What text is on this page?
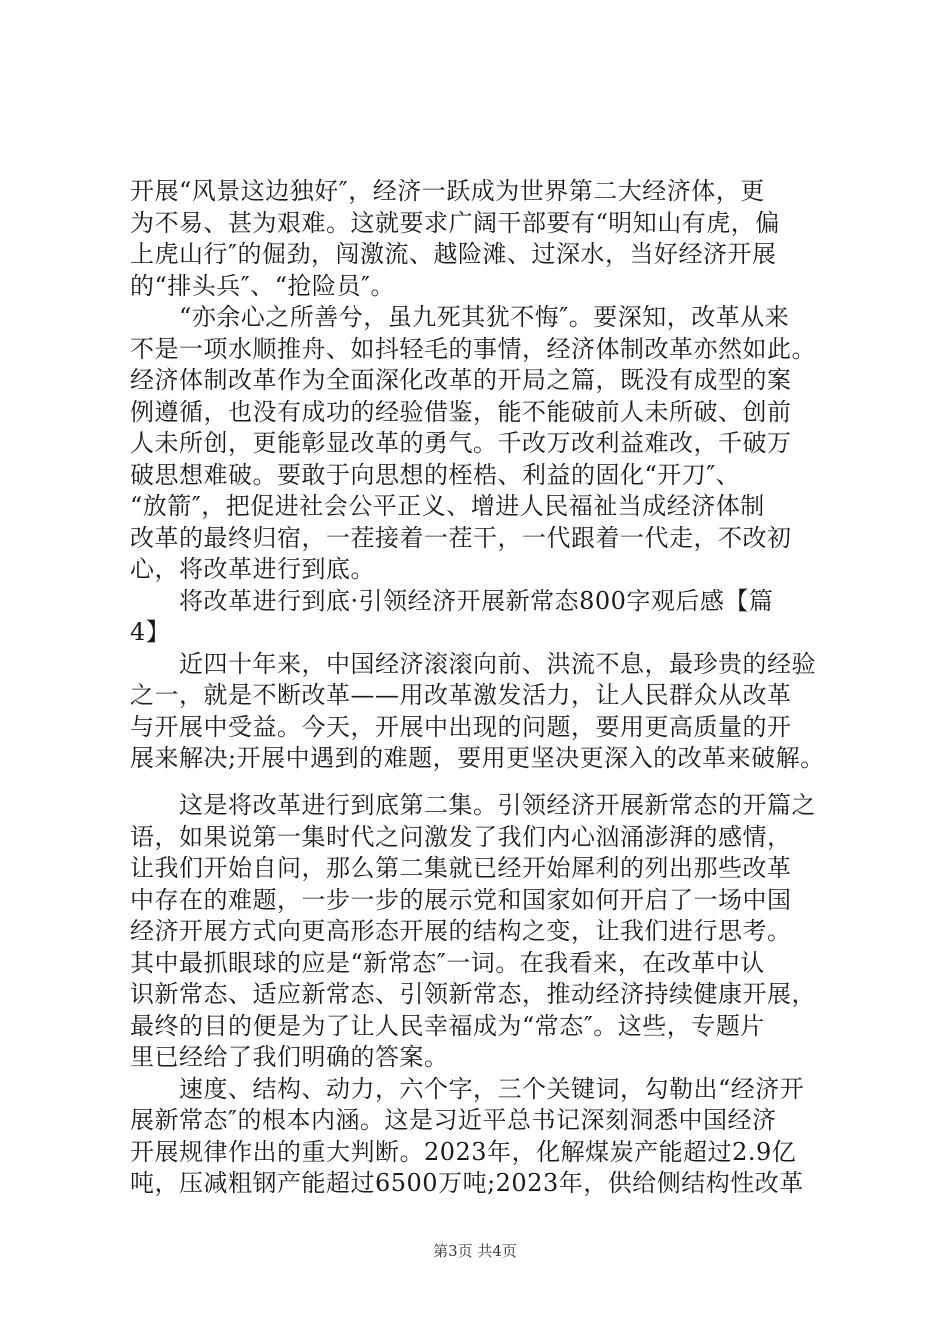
开展“风景这边独好″，经济一跃成为世界第二大经济体，更
为不易、甚为艰难。这就要求广阔干部要有“明知山有虎，偏
上虎山行″的倔劲，闯激流、越险滩、过深水，当好经济开展
的“排头兵″、“抢险员″。
“亦余心之所善兮，虽九死其犹不悔″。要深知，改革从来
不是一项水顺推舟、如抖轻毛的事情，经济体制改革亦然如此。
经济体制改革作为全面深化改革的开局之篇，既没有成型的案
例遵循，也没有成功的经验借鉴，能不能破前人未所破、创前
人未所创，更能彰显改革的勇气。千改万改利益难改，千破万
破思想难破。要敢于向思想的桎梏、利益的固化“开刀″、
“放箭″，把促进社会公平正义、增进人民福祉当成经济体制
改革的最终归宿，一茬接着一茬干，一代跟着一代走，不改初
心，将改革进行到底。
将改革进行到底·引领经济开展新常态800字观后感【篇
4】
近四十年来，中国经济滚滚向前、洪流不息，最珍贵的经验
之一，就是不断改革——用改革激发活力，让人民群众从改革
与开展中受益。今天，开展中出现的问题，要用更高质量的开
展来解决;开展中遇到的难题，要用更坚决更深入的改革来破解。
这是将改革进行到底第二集。引领经济开展新常态的开篇之
语，如果说第一集时代之问激发了我们内心汹涌澎湃的感情，
让我们开始自问，那么第二集就已经开始犀利的列出那些改革
中存在的难题，一步一步的展示党和国家如何开启了一场中国
经济开展方式向更高形态开展的结构之变，让我们进行思考。
其中最抓眼球的应是“新常态″一词。在我看来，在改革中认
识新常态、适应新常态、引领新常态，推动经济持续健康开展，
最终的目的便是为了让人民幸福成为“常态″。这些，专题片
里已经给了我们明确的答案。
速度、结构、动力，六个字，三个关键词，勾勒出“经济开
展新常态″的根本内涵。这是习近平总书记深刻洞悉中国经济
开展规律作出的重大判断。2023年，化解煤炭产能超过2.9亿
吨，压减粗钢产能超过6500万吨;2023年，供给侧结构性改革
第3页 共4页
